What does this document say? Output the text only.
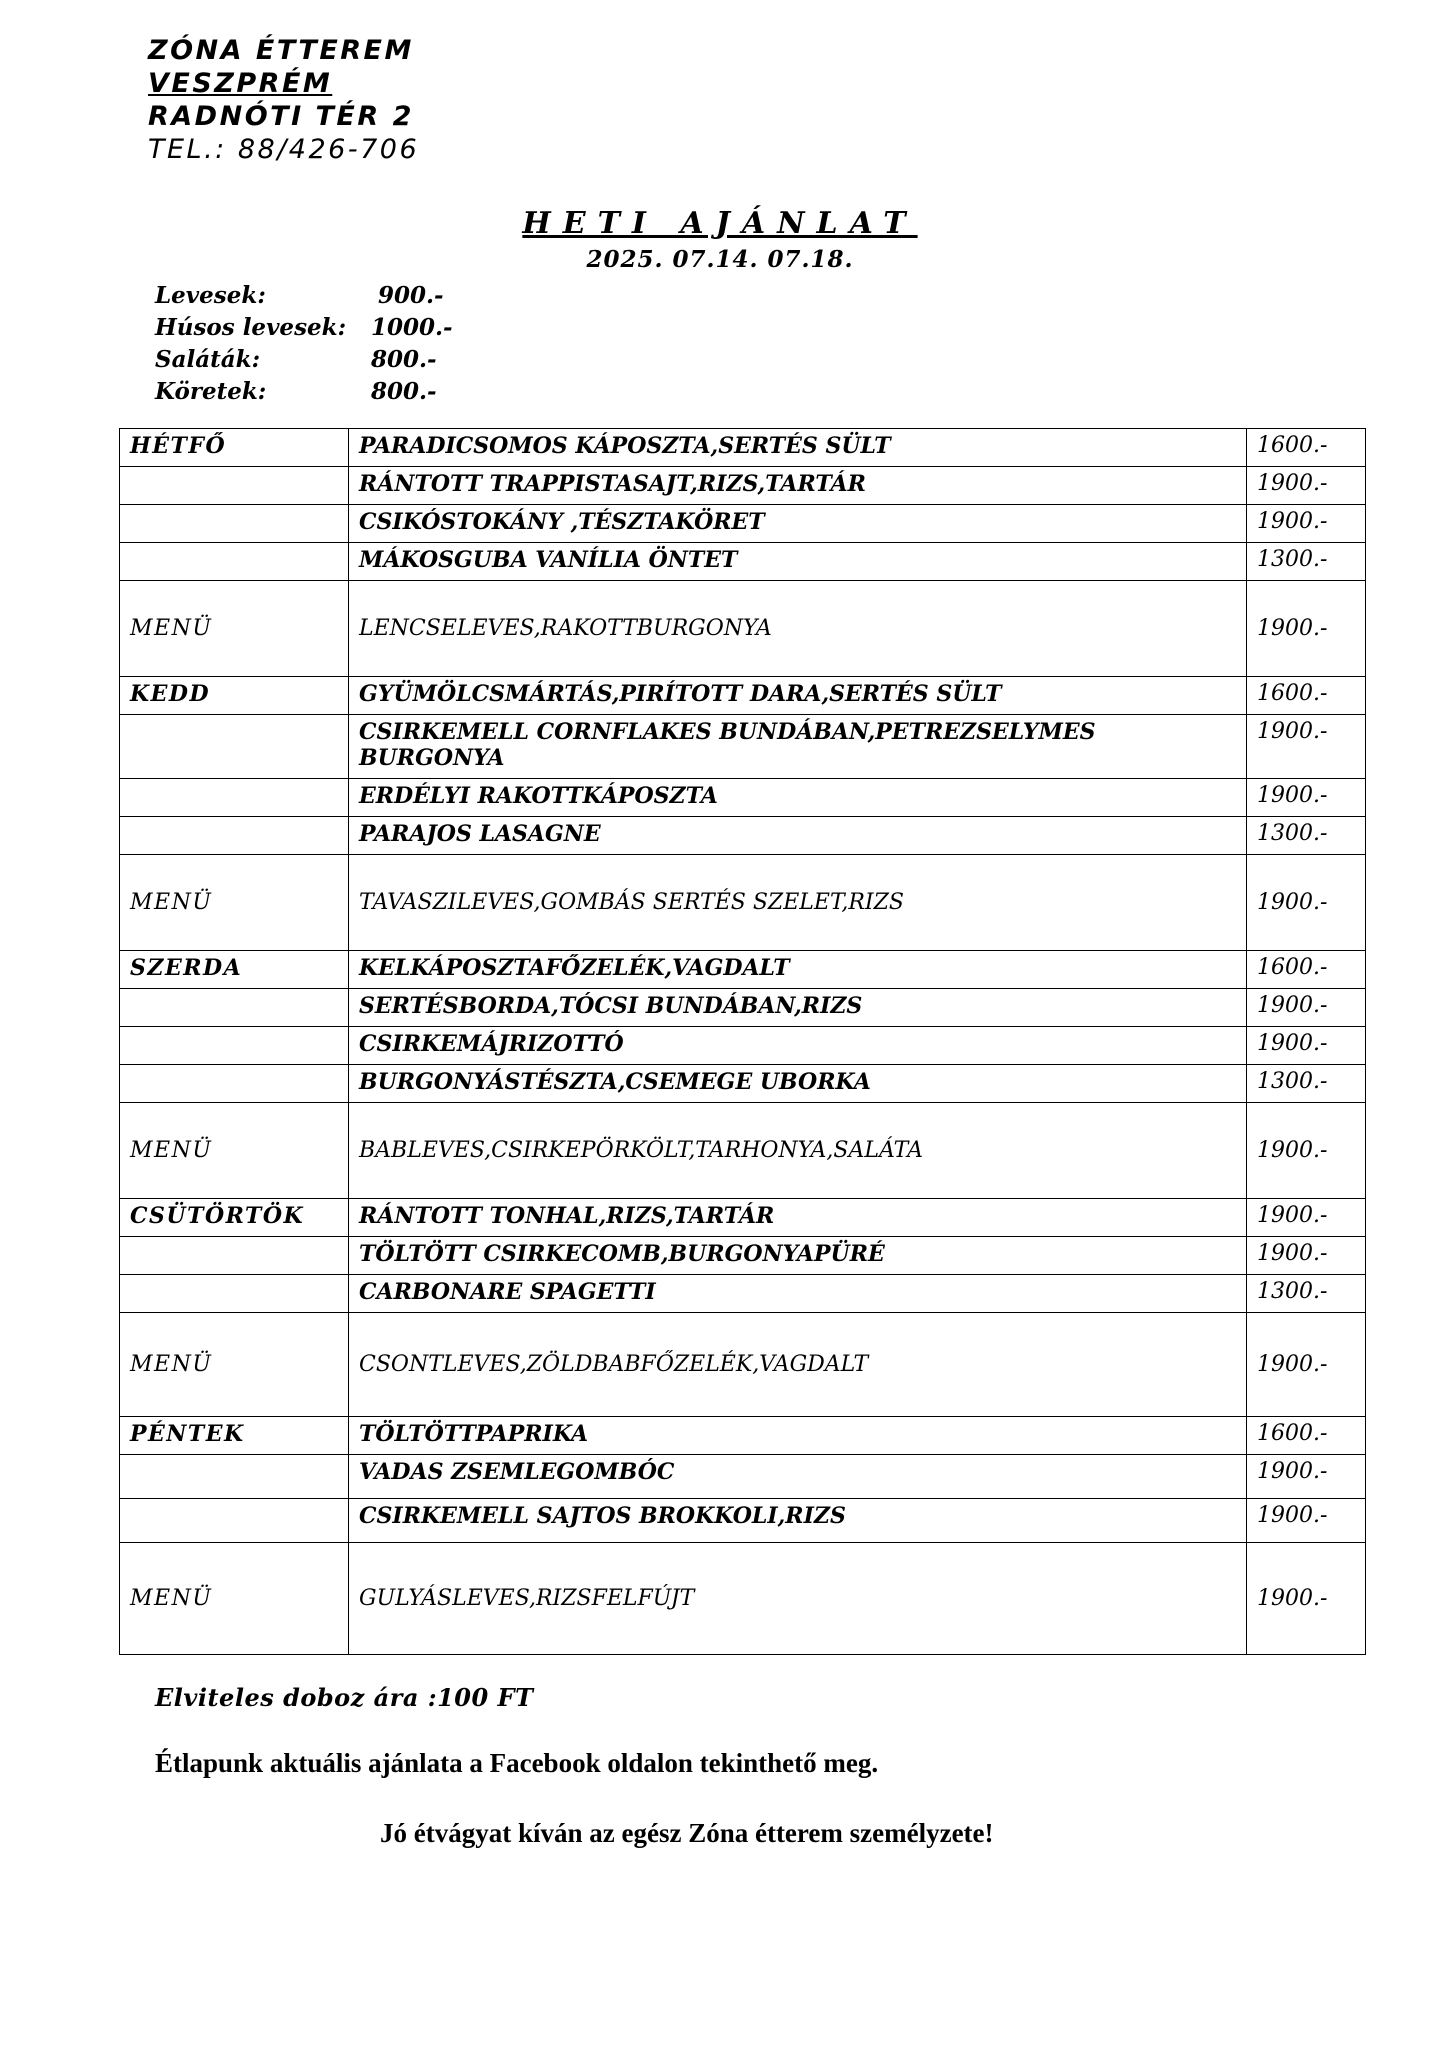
ZÓNA ÉTTEREM
VESZPRÉM
RADNÓTI TÉR 2
TEL.: 88/426-706
HETI AJÁNLAT
2025. 07.14. 07.18.
Levesek:	900.-
Húsos levesek:	1000.-
Saláták:	800.-
Köretek:	800.-
HÉTFŐ	PARADICSOMOS KÁPOSZTA,SERTÉS SÜLT	1600.-
	RÁNTOTT TRAPPISTASAJT,RIZS,TARTÁR	1900.-
	CSIKÓSTOKÁNY ,TÉSZTAKÖRET	1900.-
	MÁKOSGUBA VANÍLIA ÖNTET	1300.-
MENÜ	LENCSELEVES,RAKOTTBURGONYA	1900.-
KEDD	GYÜMÖLCSMÁRTÁS,PIRÍTOTT DARA,SERTÉS SÜLT	1600.-
	CSIRKEMELL CORNFLAKES BUNDÁBAN,PETREZSELYMES BURGONYA	1900.-
	ERDÉLYI RAKOTTKÁPOSZTA	1900.-
	PARAJOS LASAGNE	1300.-
MENÜ	TAVASZILEVES,GOMBÁS SERTÉS SZELET,RIZS	1900.-
SZERDA	KELKÁPOSZTAFŐZELÉK,VAGDALT	1600.-
	SERTÉSBORDA,TÓCSI BUNDÁBAN,RIZS	1900.-
	CSIRKEMÁJRIZOTTÓ	1900.-
	BURGONYÁSTÉSZTA,CSEMEGE UBORKA	1300.-
MENÜ	BABLEVES,CSIRKEPÖRKÖLT,TARHONYA,SALÁTA	1900.-
CSÜTÖRTÖK	RÁNTOTT TONHAL,RIZS,TARTÁR	1900.-
	TÖLTÖTT CSIRKECOMB,BURGONYAPÜRÉ	1900.-
	CARBONARE SPAGETTI	1300.-
MENÜ	CSONTLEVES,ZÖLDBABFŐZELÉK,VAGDALT	1900.-
PÉNTEK	TÖLTÖTTPAPRIKA	1600.-
	VADAS ZSEMLEGOMBÓC	1900.-
	CSIRKEMELL SAJTOS BROKKOLI,RIZS	1900.-
MENÜ	GULYÁSLEVES,RIZSFELFÚJT	1900.-
Elviteles doboz ára :100 FT
Étlapunk aktuális ajánlata a Facebook oldalon tekinthető meg.
Jó étvágyat kíván az egész Zóna étterem személyzete!
